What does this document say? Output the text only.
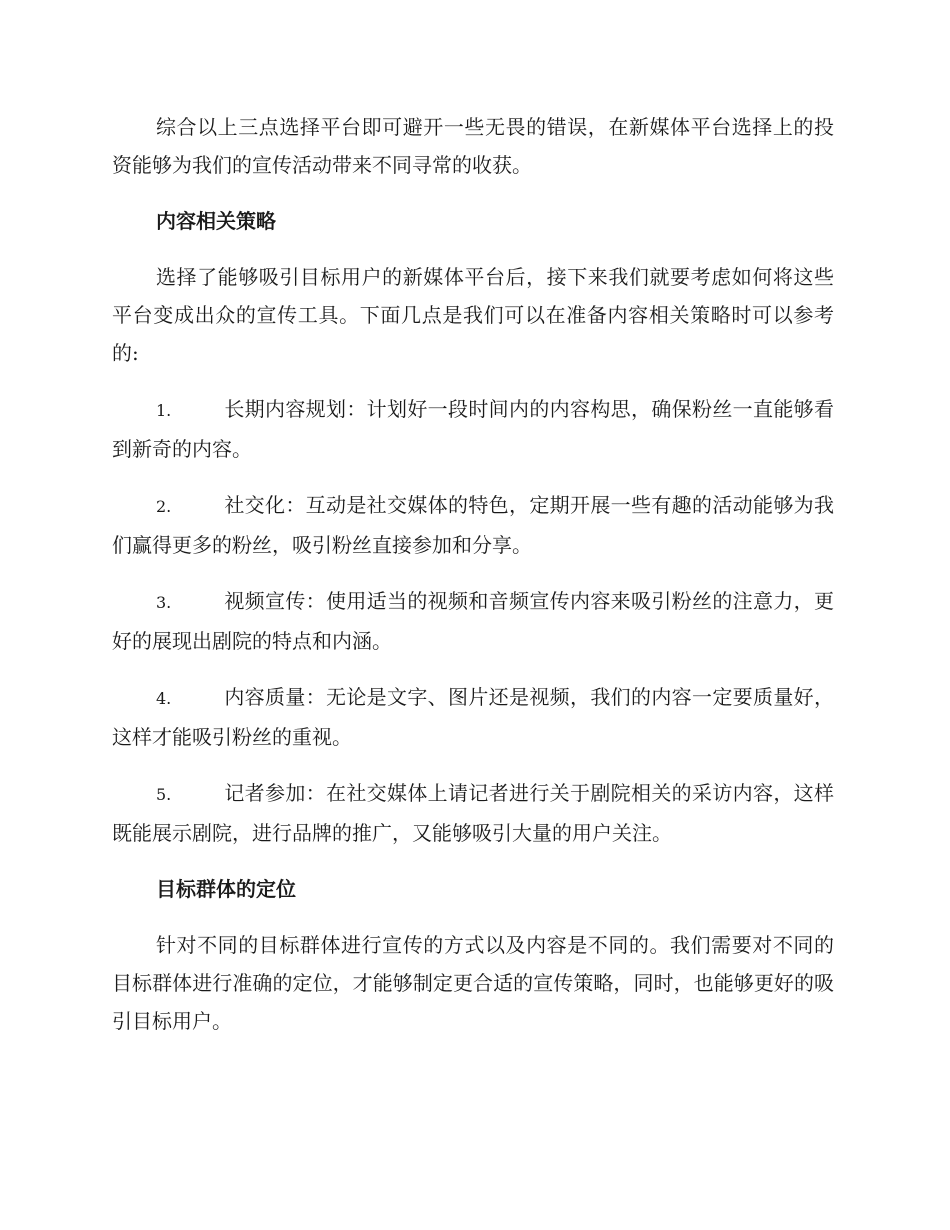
综合以上三点选择平台即可避开一些无畏的错误，在新媒体平台选择上的投资能够为我们的宣传活动带来不同寻常的收获。

内容相关策略

选择了能够吸引目标用户的新媒体平台后，接下来我们就要考虑如何将这些平台变成出众的宣传工具。下面几点是我们可以在准备内容相关策略时可以参考的:

1.	长期内容规划：计划好一段时间内的内容构思，确保粉丝一直能够看到新奇的内容。

2.	社交化：互动是社交媒体的特色，定期开展一些有趣的活动能够为我们赢得更多的粉丝，吸引粉丝直接参加和分享。

3.	视频宣传：使用适当的视频和音频宣传内容来吸引粉丝的注意力，更好的展现出剧院的特点和内涵。

4.	内容质量：无论是文字、图片还是视频，我们的内容一定要质量好，这样才能吸引粉丝的重视。

5.	记者参加：在社交媒体上请记者进行关于剧院相关的采访内容，这样既能展示剧院，进行品牌的推广，又能够吸引大量的用户关注。

目标群体的定位

针对不同的目标群体进行宣传的方式以及内容是不同的。我们需要对不同的目标群体进行准确的定位，才能够制定更合适的宣传策略，同时，也能够更好的吸引目标用户。
